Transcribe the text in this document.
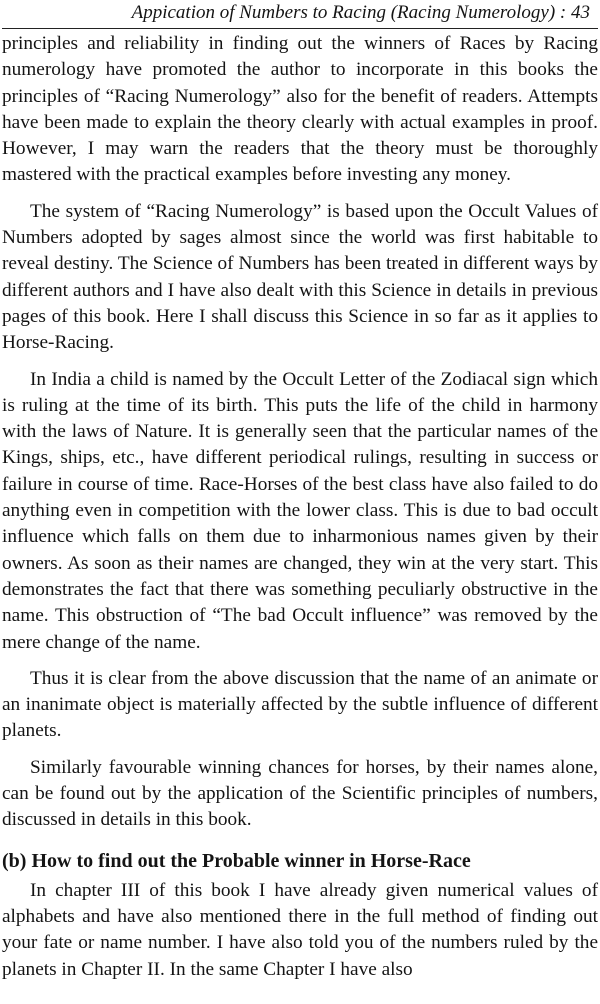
Appication of Numbers to Racing (Racing Numerology) : 43

principles and reliability in finding out the winners of Races by Racing numerology have promoted the author to incorporate in this books the principles of “Racing Numerology” also for the benefit of readers. Attempts have been made to explain the theory clearly with actual examples in proof. However, I may warn the readers that the theory must be thoroughly mastered with the practical examples before investing any money.

The system of “Racing Numerology” is based upon the Occult Values of Numbers adopted by sages almost since the world was first habitable to reveal destiny. The Science of Numbers has been treated in different ways by different authors and I have also dealt with this Science in details in previous pages of this book. Here I shall discuss this Science in so far as it applies to Horse-Racing.

In India a child is named by the Occult Letter of the Zodiacal sign which is ruling at the time of its birth. This puts the life of the child in harmony with the laws of Nature. It is generally seen that the particular names of the Kings, ships, etc., have different periodical rulings, resulting in success or failure in course of time. Race-Horses of the best class have also failed to do anything even in competition with the lower class. This is due to bad occult influence which falls on them due to inharmonious names given by their owners. As soon as their names are changed, they win at the very start. This demonstrates the fact that there was something peculiarly obstructive in the name. This obstruction of “The bad Occult influence” was removed by the mere change of the name.

Thus it is clear from the above discussion that the name of an animate or an inanimate object is materially affected by the subtle influence of different planets.

Similarly favourable winning chances for horses, by their names alone, can be found out by the application of the Scientific principles of numbers, discussed in details in this book.

(b) How to find out the Probable winner in Horse-Race

In chapter III of this book I have already given numerical values of alphabets and have also mentioned there in the full method of finding out your fate or name number. I have also told you of the numbers ruled by the planets in Chapter II. In the same Chapter I have also
